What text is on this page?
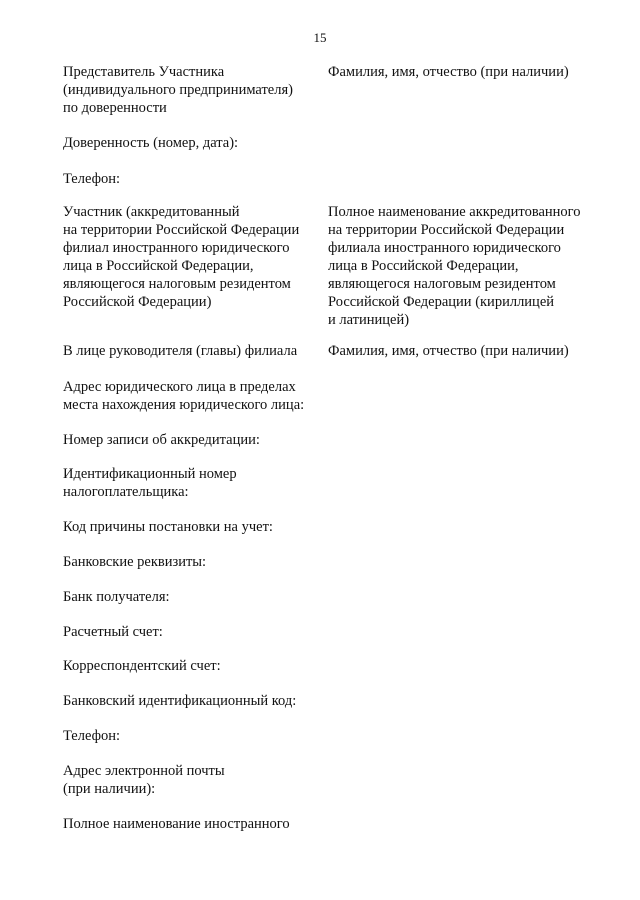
15

Представитель Участника
(индивидуального предпринимателя)
по доверенности

Фамилия, имя, отчество (при наличии)

Доверенность (номер, дата):

Телефон:

Участник (аккредитованный
на территории Российской Федерации
филиал иностранного юридического
лица в Российской Федерации,
являющегося налоговым резидентом
Российской Федерации)

Полное наименование аккредитованного
на территории Российской Федерации
филиала иностранного юридического
лица в Российской Федерации,
являющегося налоговым резидентом
Российской Федерации (кириллицей
и латиницей)

В лице руководителя (главы) филиала	Фамилия, имя, отчество (при наличии)

Адрес юридического лица в пределах
места нахождения юридического лица:

Номер записи об аккредитации:

Идентификационный номер
налогоплательщика:

Код причины постановки на учет:

Банковские реквизиты:

Банк получателя:

Расчетный счет:

Корреспондентский счет:

Банковский идентификационный код:

Телефон:

Адрес электронной почты
(при наличии):

Полное наименование иностранного
